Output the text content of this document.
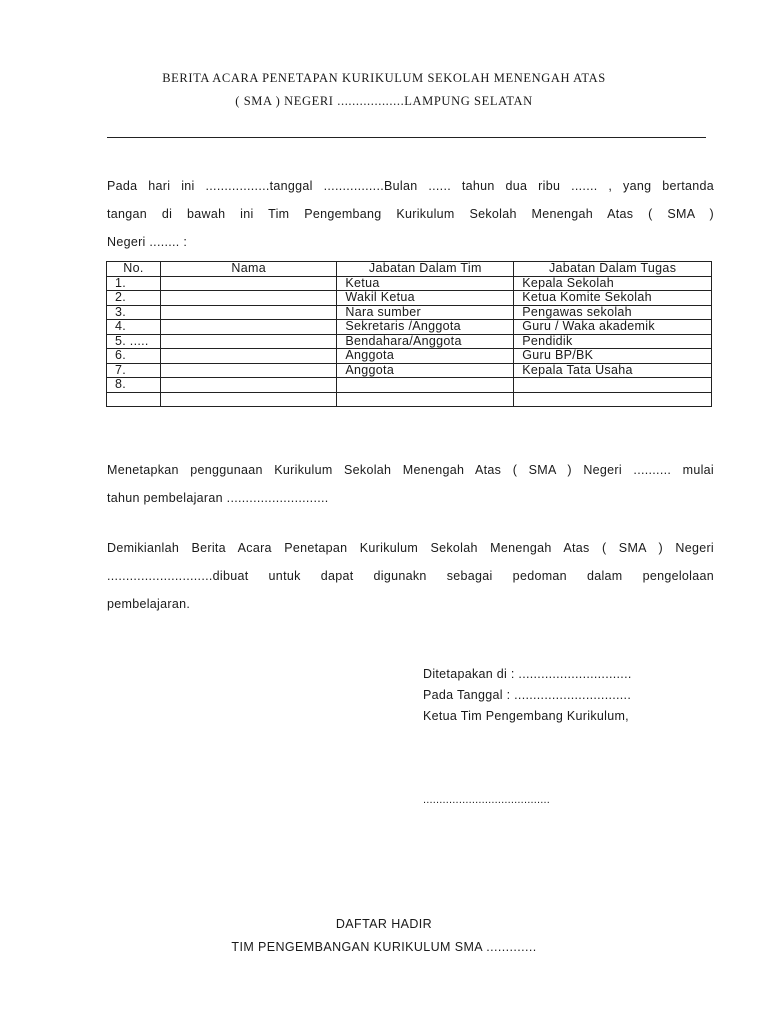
BERITA ACARA PENETAPAN KURIKULUM SEKOLAH MENENGAH ATAS
( SMA ) NEGERI ..................LAMPUNG SELATAN
Pada hari ini .................tanggal ................Bulan ...... tahun dua ribu ....... , yang bertanda
tangan di bawah ini Tim Pengembang Kurikulum Sekolah Menengah Atas ( SMA )
Negeri ........ :
No.	Nama	Jabatan Dalam Tim	Jabatan Dalam Tugas
1.		Ketua	Kepala Sekolah
2.		Wakil Ketua	Ketua Komite Sekolah
3.		Nara sumber	Pengawas sekolah
4.		Sekretaris /Anggota	Guru / Waka akademik
5. .....		Bendahara/Anggota	Pendidik
6.		Anggota	Guru BP/BK
7.		Anggota	Kepala Tata Usaha
8.			

Menetapkan penggunaan Kurikulum Sekolah Menengah Atas ( SMA ) Negeri .......... mulai
tahun pembelajaran ...........................
Demikianlah Berita Acara Penetapan Kurikulum Sekolah Menengah Atas ( SMA ) Negeri
............................dibuat untuk dapat digunakn sebagai pedoman dalam pengelolaan
pembelajaran.
Ditetapakan di : ..............................
Pada Tanggal : ...............................
Ketua Tim Pengembang Kurikulum,
.......................................
DAFTAR HADIR
TIM PENGEMBANGAN KURIKULUM SMA .............
